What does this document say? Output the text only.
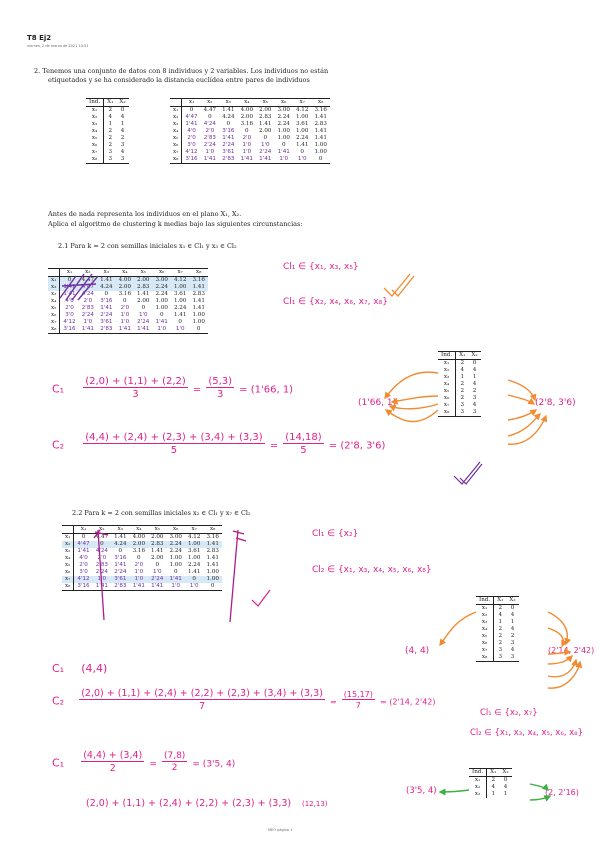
T8 Ej2
viernes, 2 de marzo de 2021 10:51
2. Tenemos una conjunto de datos con 8 individuos y 2 variables. Los individuos no están
etiquetados y se ha considerado la distancia euclídea entre pares de individuos
Ind.	X₁	X₂
x₁	2	0
x₂	4	4
x₃	1	1
x₄	2	4
x₅	2	2
x₆	2	3
x₇	3	4
x₈	3	3
	x₁	x₂	x₃	x₄	x₅	x₆	x₇	x₈
x₁	0	4.47	1.41	4.00	2.00	3.00	4.12	3.16
x₂	4'47	0	4.24	2.00	2.83	2.24	1.00	1.41
x₃	1'41	4'24	0	3.16	1.41	2.24	3.61	2.83
x₄	4'0	2'0	3'16	0	2.00	1.00	1.00	1.41
x₅	2'0	2'83	1'41	2'0	0	1.00	2.24	1.41
x₆	3'0	2'24	2'24	1'0	1'0	0	1.41	1.00
x₇	4'12	1'0	3'61	1'0	2'24	1'41	0	1.00
x₈	3'16	1'41	2'83	1'41	1'41	1'0	1'0	0
Antes de nada representa los individuos en el plano X₁, X₂.
Aplica el algoritmo de clustering k medias bajo las siguientes circunstancias:
2.1 Para k = 2 con semillas iniciales x₁ ∈ Cl₁ y x₃ ∈ Cl₂
	x₁	x₂	x₃	x₄	x₅	x₆	x₇	x₈
x₁	0	4.47	1.41	4.00	2.00	3.00	4.12	3.16
x₃	1'41	4'47	4.24	2.00	2.83	2.24	1.00	1.41
x₃	1'41	4'24	0	3.16	1.41	2.24	3.61	2.83
x₄	4'0	2'0	3'16	0	2.00	1.00	1.00	1.41
x₅	2'0	2'83	1'41	2'0	0	1.00	2.24	1.41
x₆	3'0	2'24	2'24	1'0	1'0	0	1.41	1.00
x₇	4'12	1'0	3'61	1'0	2'24	1'41	0	1.00
x₈	3'16	1'41	2'83	1'41	1'41	1'0	1'0	0
Cl₁ ∈ {x₁, x₃, x₅}
Cl₁ ∈ {x₂, x₄, x₆, x₇, x₈}
$C_1 \frac{(2,0) + (1,1) + (2,2)}{3} = \frac{(5,3)}{3} = (1'66$, 1)
$C_2 \frac{(4,4) + (2,4) + (2,3) + (3,4) + (3,3)}{5} = \frac{(14,18)}{5} = (2'8$, 3'6)
Ind.	X₁	X₂
x₁	2	0
x₂	4	4
x₃	1	1
x₄	2	4
x₅	2	2
x₆	2	3
x₇	3	4
x₈	3	3
(1'66, 1)	(2'8, 3'6)
2.2 Para k = 2 con semillas iniciales x₂ ∈ Cl₁ y x₇ ∈ Cl₂
	x₁	x₂	x₃	x₄	x₅	x₆	x₇	x₈
x₁	0	4.47	1.41	4.00	2.00	3.00	4.12	3.16
x₂	4'47	0	4.24	2.00	2.83	2.24	1.00	1.41
x₃	1'41	4'24	0	3.16	1.41	2.24	3.61	2.83
x₄	4'0	2'0	3'16	0	2.00	1.00	1.00	1.41
x₅	2'0	2'83	1'41	2'0	0	1.00	2.24	1.41
x₆	3'0	2'24	2'24	1'0	1'0	0	1.41	1.00
x₇	4'12	1'0	3'61	1'0	2'24	1'41	0	1.00
x₈	3'16	1'41	2'83	1'41	1'41	1'0	1'0	0
Cl₁ ∈ {x₂}
Cl₂ ∈ {x₁, x₃, x₄, x₅, x₆, x₈}
Ind.	X₁	X₂
x₁	2	0
x₂	4	4
x₃	1	1
x₄	2	4
x₅	2	2
x₆	2	3
x₇	3	4
x₈	3	3
(4, 4)	(2'14, 2'42)
C₁ (4,4)
$C_2 \frac{(2,0) + (1,1) + (2,4) + (2,2) + (2,3) + (3,4) + (3,3)}{7} = \frac{(15,17)}{7} = (2'14$, 2'42)
Cl₁ ∈ {x₂, x₇}
Cl₂ ∈ {x₁, x₃, x₄, x₅, x₆, x₈}
$C_1 \frac{(4,4) + (3,4)}{2} = \frac{(7,8)}{2} = (3'5$, 4)
(2,0) + (1,1) + (2,4) + (2,2) + (2,3) + (3,3) (12,13)
Ind.	X₁	X₂
x₁	2	0
x₂	4	4
x₃	1	1
(3'5, 4)	(2, 2'16)
MEO página 1
